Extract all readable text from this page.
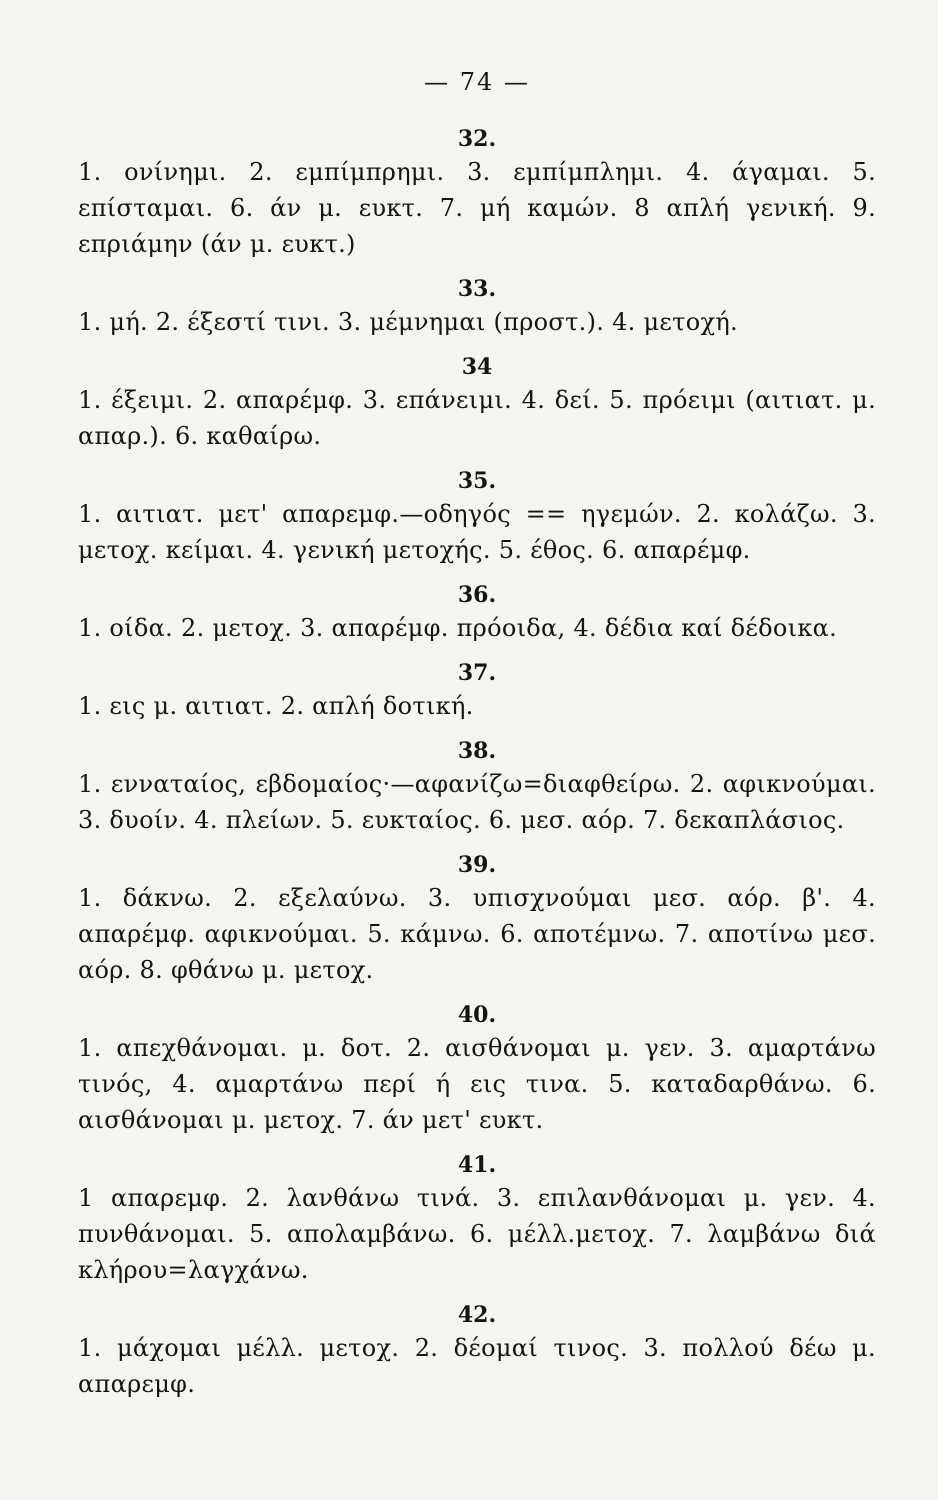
— 74 —
32.

1. ονίνημι. 2. εμπίμπρημι. 3. εμπίμπλημι. 4. άγαμαι. 5. επίσταμαι. 6. άν μ. ευκτ. 7. μή καμών. 8 απλή γενική. 9. επριάμην (άν μ. ευκτ.)

33.

1. μή. 2. έξεστί τινι. 3. μέμνημαι (προστ.). 4. μετοχή.

34

1. έξειμι. 2. απαρέμφ. 3. επάνειμι. 4. δεί. 5. πρόειμι (αιτιατ. μ. απαρ.). 6. καθαίρω.

35.

1. αιτιατ. μετ' απαρεμφ.—οδηγός == ηγεμών. 2. κολάζω. 3. μετοχ. κείμαι. 4. γενική μετοχής. 5. έθος. 6. απαρέμφ.

36.

1. οίδα. 2. μετοχ. 3. απαρέμφ. πρόοιδα, 4. δέδια καί δέδοικα.

37.

1. εις μ. αιτιατ. 2. απλή δοτική.

38.

1. ενναταίος, εβδομαίος·—αφανίζω=διαφθείρω. 2. αφικνούμαι. 3. δυοίν. 4. πλείων. 5. ευκταίος. 6. μεσ. αόρ. 7. δεκαπλάσιος.

39.

1. δάκνω. 2. εξελαύνω. 3. υπισχνούμαι μεσ. αόρ. β'. 4. απαρέμφ. αφικνούμαι. 5. κάμνω. 6. αποτέμνω. 7. αποτίνω μεσ. αόρ. 8. φθάνω μ. μετοχ.

40.

1. απεχθάνομαι. μ. δοτ. 2. αισθάνομαι μ. γεν. 3. αμαρτάνω τινός, 4. αμαρτάνω περί ή εις τινα. 5. καταδαρθάνω. 6. αισθάνομαι μ. μετοχ. 7. άν μετ' ευκτ.

41.

1 απαρεμφ. 2. λανθάνω τινά. 3. επιλανθάνομαι μ. γεν. 4. πυνθάνομαι. 5. απολαμβάνω. 6. μέλλ.μετοχ. 7. λαμβάνω διά κλήρου=λαγχάνω.

42.

1. μάχομαι μέλλ. μετοχ. 2. δέομαί τινος. 3. πολλού δέω μ. απαρεμφ.
